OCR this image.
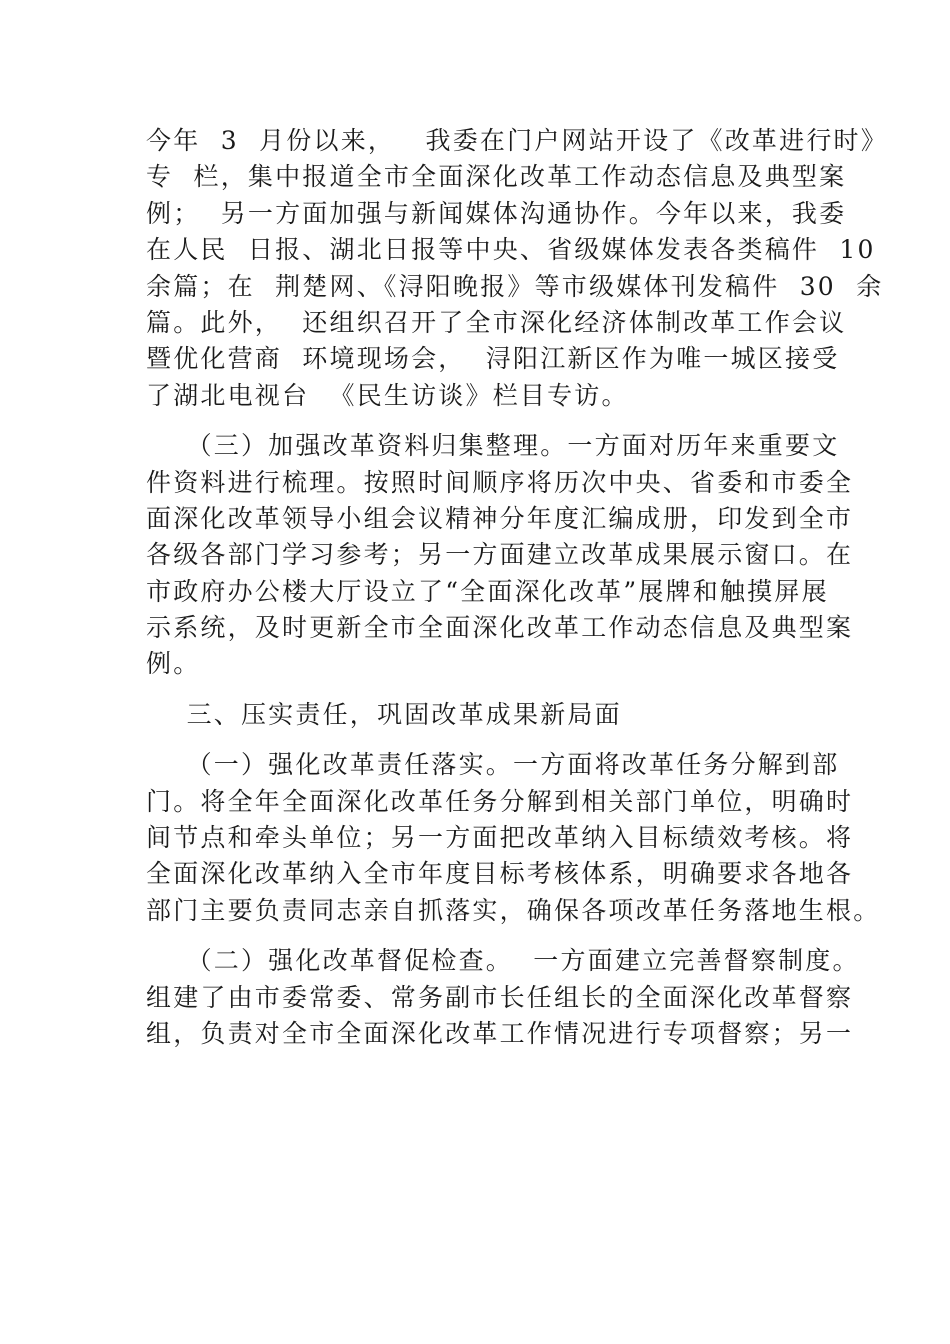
今年  3  月份以来，   我委在门户网站开设了《改革进行时》
专  栏，集中报道全市全面深化改革工作动态信息及典型案
例；  另一方面加强与新闻媒体沟通协作。今年以来，我委
在人民  日报、湖北日报等中央、省级媒体发表各类稿件  10
余篇；在  荆楚网、《浔阳晚报》等市级媒体刊发稿件  30  余
篇。此外，  还组织召开了全市深化经济体制改革工作会议
暨优化营商  环境现场会，  浔阳江新区作为唯一城区接受
了湖北电视台  《民生访谈》栏目专访。

（三）加强改革资料归集整理。一方面对历年来重要文
件资料进行梳理。按照时间顺序将历次中央、省委和市委全
面深化改革领导小组会议精神分年度汇编成册，印发到全市
各级各部门学习参考；另一方面建立改革成果展示窗口。在
市政府办公楼大厅设立了“全面深化改革”展牌和触摸屏展
示系统，及时更新全市全面深化改革工作动态信息及典型案
例。

三、压实责任，巩固改革成果新局面

（一）强化改革责任落实。一方面将改革任务分解到部
门。将全年全面深化改革任务分解到相关部门单位，明确时
间节点和牵头单位；另一方面把改革纳入目标绩效考核。将
全面深化改革纳入全市年度目标考核体系，明确要求各地各
部门主要负责同志亲自抓落实，确保各项改革任务落地生根。

（二）强化改革督促检查。  一方面建立完善督察制度。
组建了由市委常委、常务副市长任组长的全面深化改革督察
组，负责对全市全面深化改革工作情况进行专项督察；另一
